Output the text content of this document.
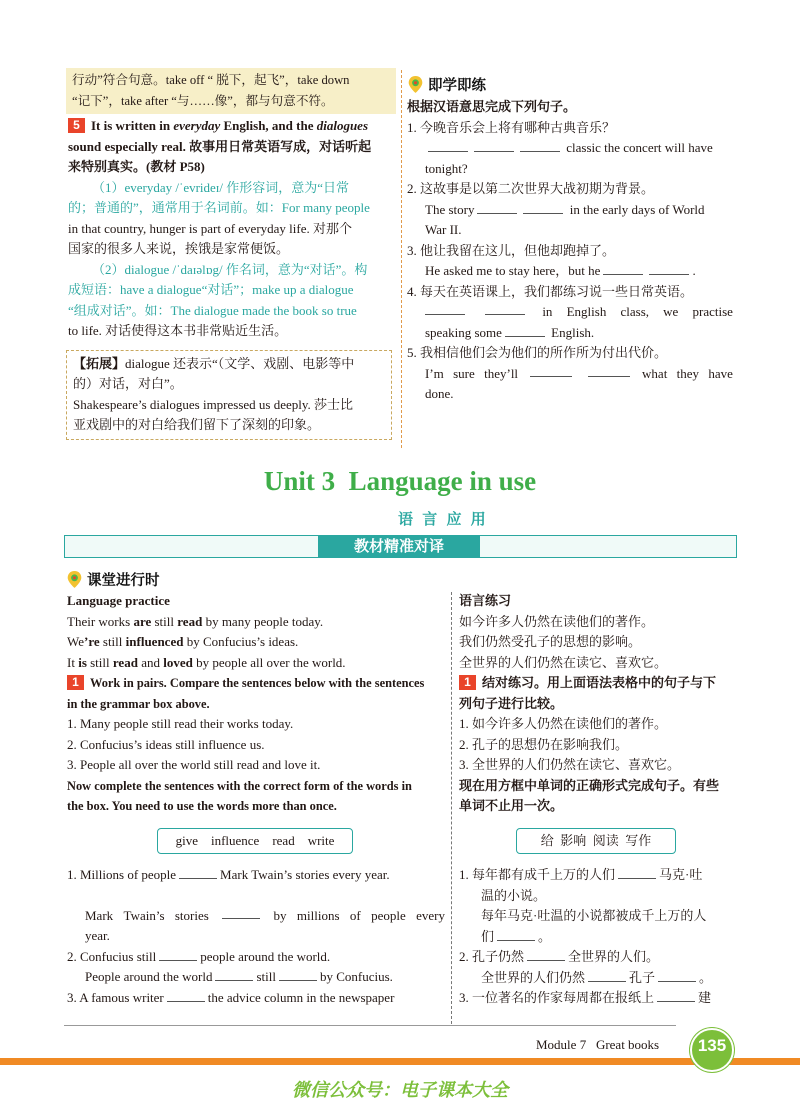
行动”符合句意。take off “ 脱下，起飞”，take down
“记下”，take after “与……像”，都与句意不符。
5 It is written in everyday English, and the dialogues
sound especially real. 故事用日常英语写成，对话听起
来特别真实。(教材 P58)
（1）everyday /ˈevrideɪ/ 作形容词，意为“日常
的；普通的”，通常用于名词前。如：For many people
in that country, hunger is part of everyday life. 对那个
国家的很多人来说，挨饿是家常便饭。
（2）dialogue /ˈdaɪəlɒg/ 作名词，意为“对话”。构
成短语：have a dialogue“对话”；make up a dialogue
“组成对话”。如：The dialogue made the book so true
to life. 对话使得这本书非常贴近生活。
【拓展】dialogue 还表示“（文学、戏剧、电影等中
的）对话，对白”。
Shakespeare’s dialogues impressed us deeply. 莎士比
亚戏剧中的对白给我们留下了深刻的印象。
即学即练
根据汉语意思完成下列句子。
1. 今晚音乐会上将有哪种古典音乐？
classic the concert will have
tonight?
2. 这故事是以第二次世界大战初期为背景。
The story	in the early days of World
War II.
3. 他让我留在这儿，但他却跑掉了。
He asked me to stay here，but he	.
4. 每天在英语课上，我们都练习说一些日常英语。
in English class, we practise
speaking some	English.
5. 我相信他们会为他们的所作所为付出代价。
I’m sure they’ll	what they have
done.
Unit 3  Language in use
语 言 应 用
教材精准对译
课堂进行时
Language practice
Their works are still read by many people today.
We’re still influenced by Confucius’s ideas.
It is still read and loved by people all over the world.
1 Work in pairs. Compare the sentences below with the sentences
in the grammar box above.
1. Many people still read their works today.
2. Confucius’s ideas still influence us.
3. People all over the world still read and love it.
Now complete the sentences with the correct form of the words in
the box. You need to use the words more than once.
give    influence    read    write
1. Millions of people	Mark Twain’s stories every year.
Mark Twain’s stories	by millions of people every
year.
2. Confucius still	people around the world.
People around the world	still	by Confucius.
3. A famous writer	the advice column in the newspaper
语言练习
如今许多人仍然在读他们的著作。
我们仍然受孔子的思想的影响。
全世界的人们仍然在读它、喜欢它。
1 结对练习。用上面语法表格中的句子与下
列句子进行比较。
1. 如今许多人仍然在读他们的著作。
2. 孔子的思想仍在影响我们。
3. 全世界的人们仍然在读它、喜欢它。
现在用方框中单词的正确形式完成句子。有些
单词不止用一次。
给  影响  阅读  写作
1. 每年都有成千上万的人们	马克·吐
温的小说。
每年马克·吐温的小说都被成千上万的人
们	。
2. 孔子仍然	全世界的人们。
全世界的人们仍然	孔子	。
3. 一位著名的作家每周都在报纸上	建
Module 7   Great books	135
微信公众号：电子课本大全
